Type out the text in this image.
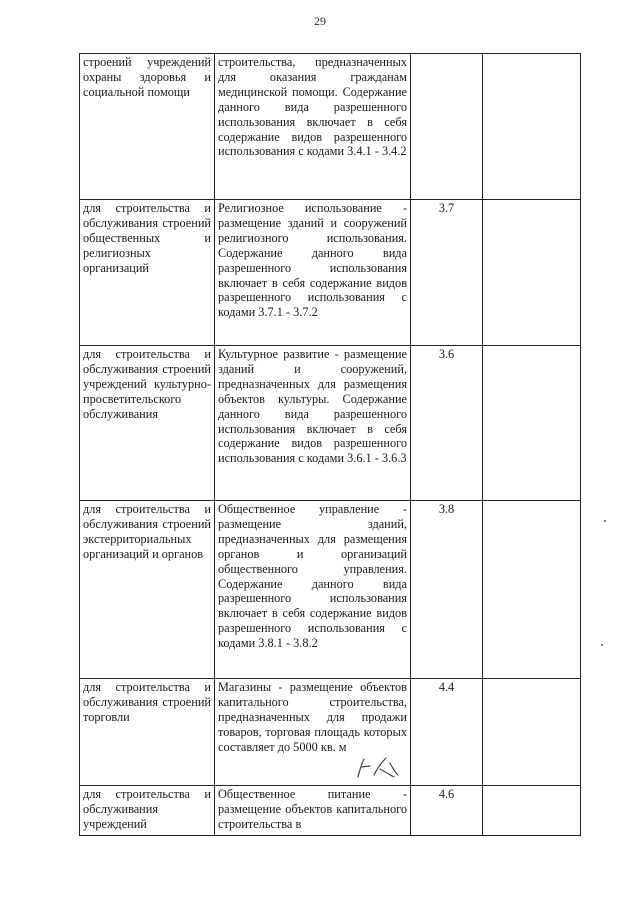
29
строений учреждений охраны здоровья и социальной помощи	строительства, предназначенных для оказания гражданам медицинской помощи. Содержание данного вида разрешенного использования включает в себя содержание видов разрешенного использования с кодами 3.4.1 - 3.4.2		
для строительства и обслуживания строений общественных и религиозных организаций	Религиозное использование - размещение зданий и сооружений религиозного использования. Содержание данного вида разрешенного использования включает в себя содержание видов разрешенного использования с кодами 3.7.1 - 3.7.2	3.7	
для строительства и обслуживания строений учреждений культурно-просветительского обслуживания	Культурное развитие - размещение зданий и сооружений, предназначенных для размещения объектов культуры. Содержание данного вида разрешенного использования включает в себя содержание видов разрешенного использования с кодами 3.6.1 - 3.6.3	3.6	
для строительства и обслуживания строений экстерриториальных организаций и органов	Общественное управление - размещение зданий, предназначенных для размещения органов и организаций общественного управления. Содержание данного вида разрешенного использования включает в себя содержание видов разрешенного использования с кодами 3.8.1 - 3.8.2	3.8	
для строительства и обслуживания строений торговли	Магазины - размещение объектов капитального строительства, предназначенных для продажи товаров, торговая площадь которых составляет до 5000 кв. м	4.4	
для строительства и обслуживания учреждений	Общественное питание - размещение объектов капитального строительства в	4.6	
